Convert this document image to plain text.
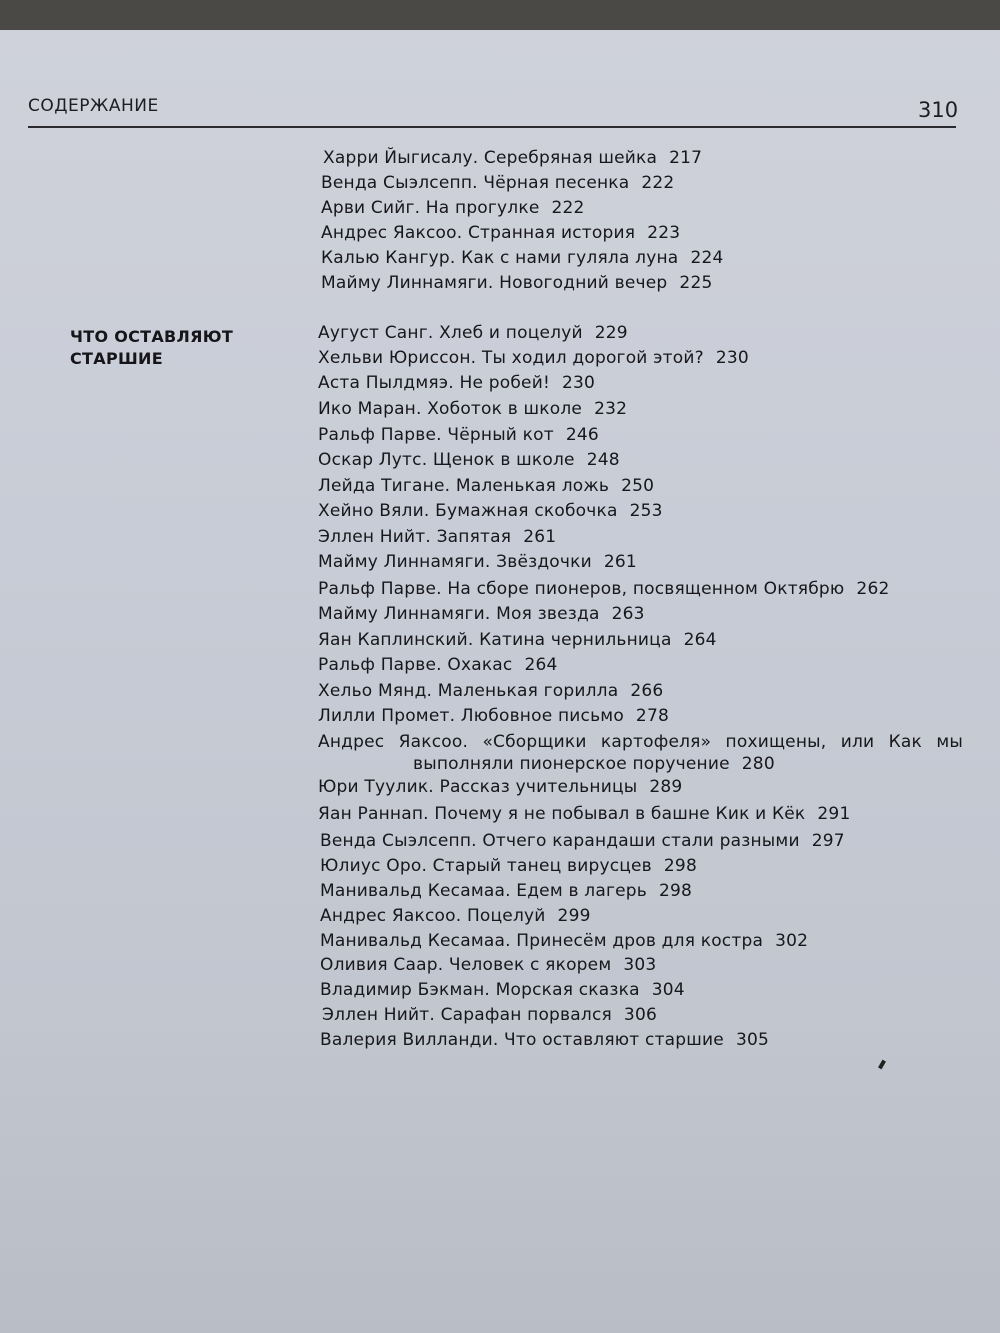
СОДЕРЖАНИЕ	310
ЧТО ОСТАВЛЯЮТ
СТАРШИЕ
Харри Йыгисалу. Серебряная шейка 217
Венда Сыэлсепп. Чёрная песенка 222
Арви Сийг. На прогулке 222
Андрес Яаксоо. Странная история 223
Калью Кангур. Как с нами гуляла луна 224
Майму Линнамяги. Новогодний вечер 225
Аугуст Санг. Хлеб и поцелуй 229
Хельви Юриссон. Ты ходил дорогой этой? 230
Аста Пылдмяэ. Не робей! 230
Ико Маран. Хоботок в школе 232
Ральф Парве. Чёрный кот 246
Оскар Лутс. Щенок в школе 248
Лейда Тигане. Маленькая ложь 250
Хейно Вяли. Бумажная скобочка 253
Эллен Нийт. Запятая 261
Майму Линнамяги. Звёздочки 261
Ральф Парве. На сборе пионеров, посвященном Октябрю 262
Майму Линнамяги. Моя звезда 263
Яан Каплинский. Катина чернильница 264
Ральф Парве. Охакас 264
Хельо Мянд. Маленькая горилла 266
Лилли Промет. Любовное письмо 278
Андрес Яаксоо. «Сборщики картофеля» похищены, или Как мы
выполняли пионерское поручение 280
Юри Туулик. Рассказ учительницы 289
Яан Раннап. Почему я не побывал в башне Кик и Кёк 291
Венда Сыэлсепп. Отчего карандаши стали разными 297
Юлиус Оро. Старый танец вирусцев 298
Манивальд Кесамаа. Едем в лагерь 298
Андрес Яаксоо. Поцелуй 299
Манивальд Кесамаа. Принесём дров для костра 302
Оливия Саар. Человек с якорем 303
Владимир Бэкман. Морская сказка 304
Эллен Нийт. Сарафан порвался 306
Валерия Вилланди. Что оставляют старшие 305
